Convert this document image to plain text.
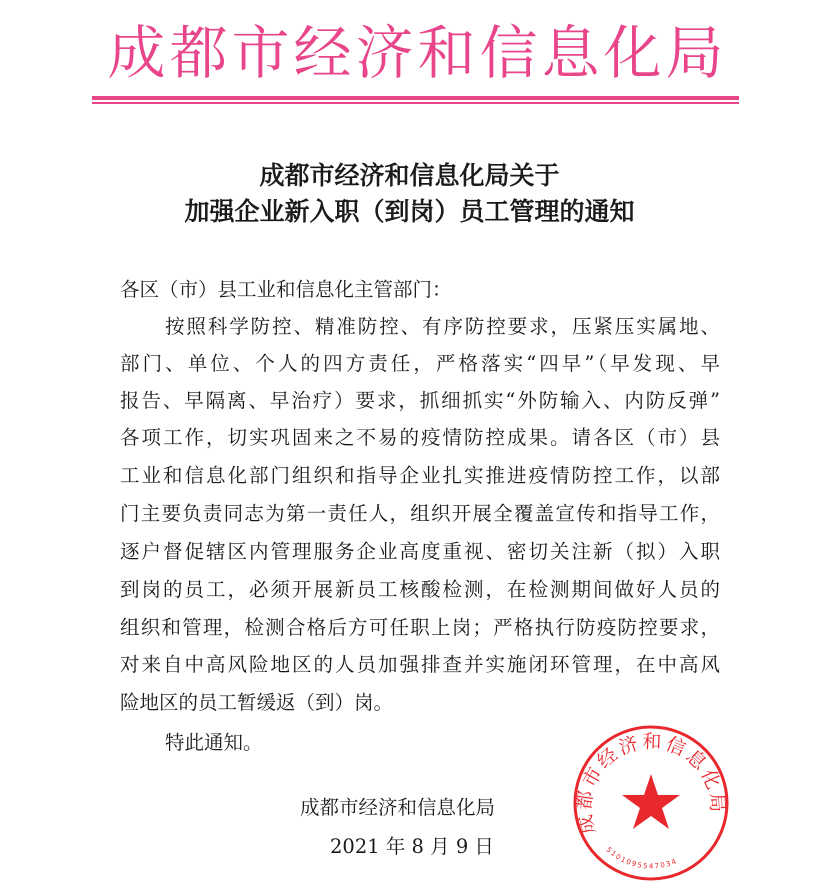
成都市经济和信息化局
成都市经济和信息化局关于
加强企业新入职（到岗）员工管理的通知
各区（市）县工业和信息化主管部门：
按照科学防控、精准防控、有序防控要求，压紧压实属地、
部门、单位、个人的四方责任，严格落实“四早”（早发现、早
报告、早隔离、早治疗）要求，抓细抓实“外防输入、内防反弹”
各项工作，切实巩固来之不易的疫情防控成果。请各区（市）县
工业和信息化部门组织和指导企业扎实推进疫情防控工作，以部
门主要负责同志为第一责任人，组织开展全覆盖宣传和指导工作，
逐户督促辖区内管理服务企业高度重视、密切关注新（拟）入职
到岗的员工，必须开展新员工核酸检测，在检测期间做好人员的
组织和管理，检测合格后方可任职上岗；严格执行防疫防控要求，
对来自中高风险地区的人员加强排查并实施闭环管理，在中高风
险地区的员工暂缓返（到）岗。
特此通知。
成都市经济和信息化局
2021 年 8 月 9 日
成都市经济和信息化局
5101095547034
